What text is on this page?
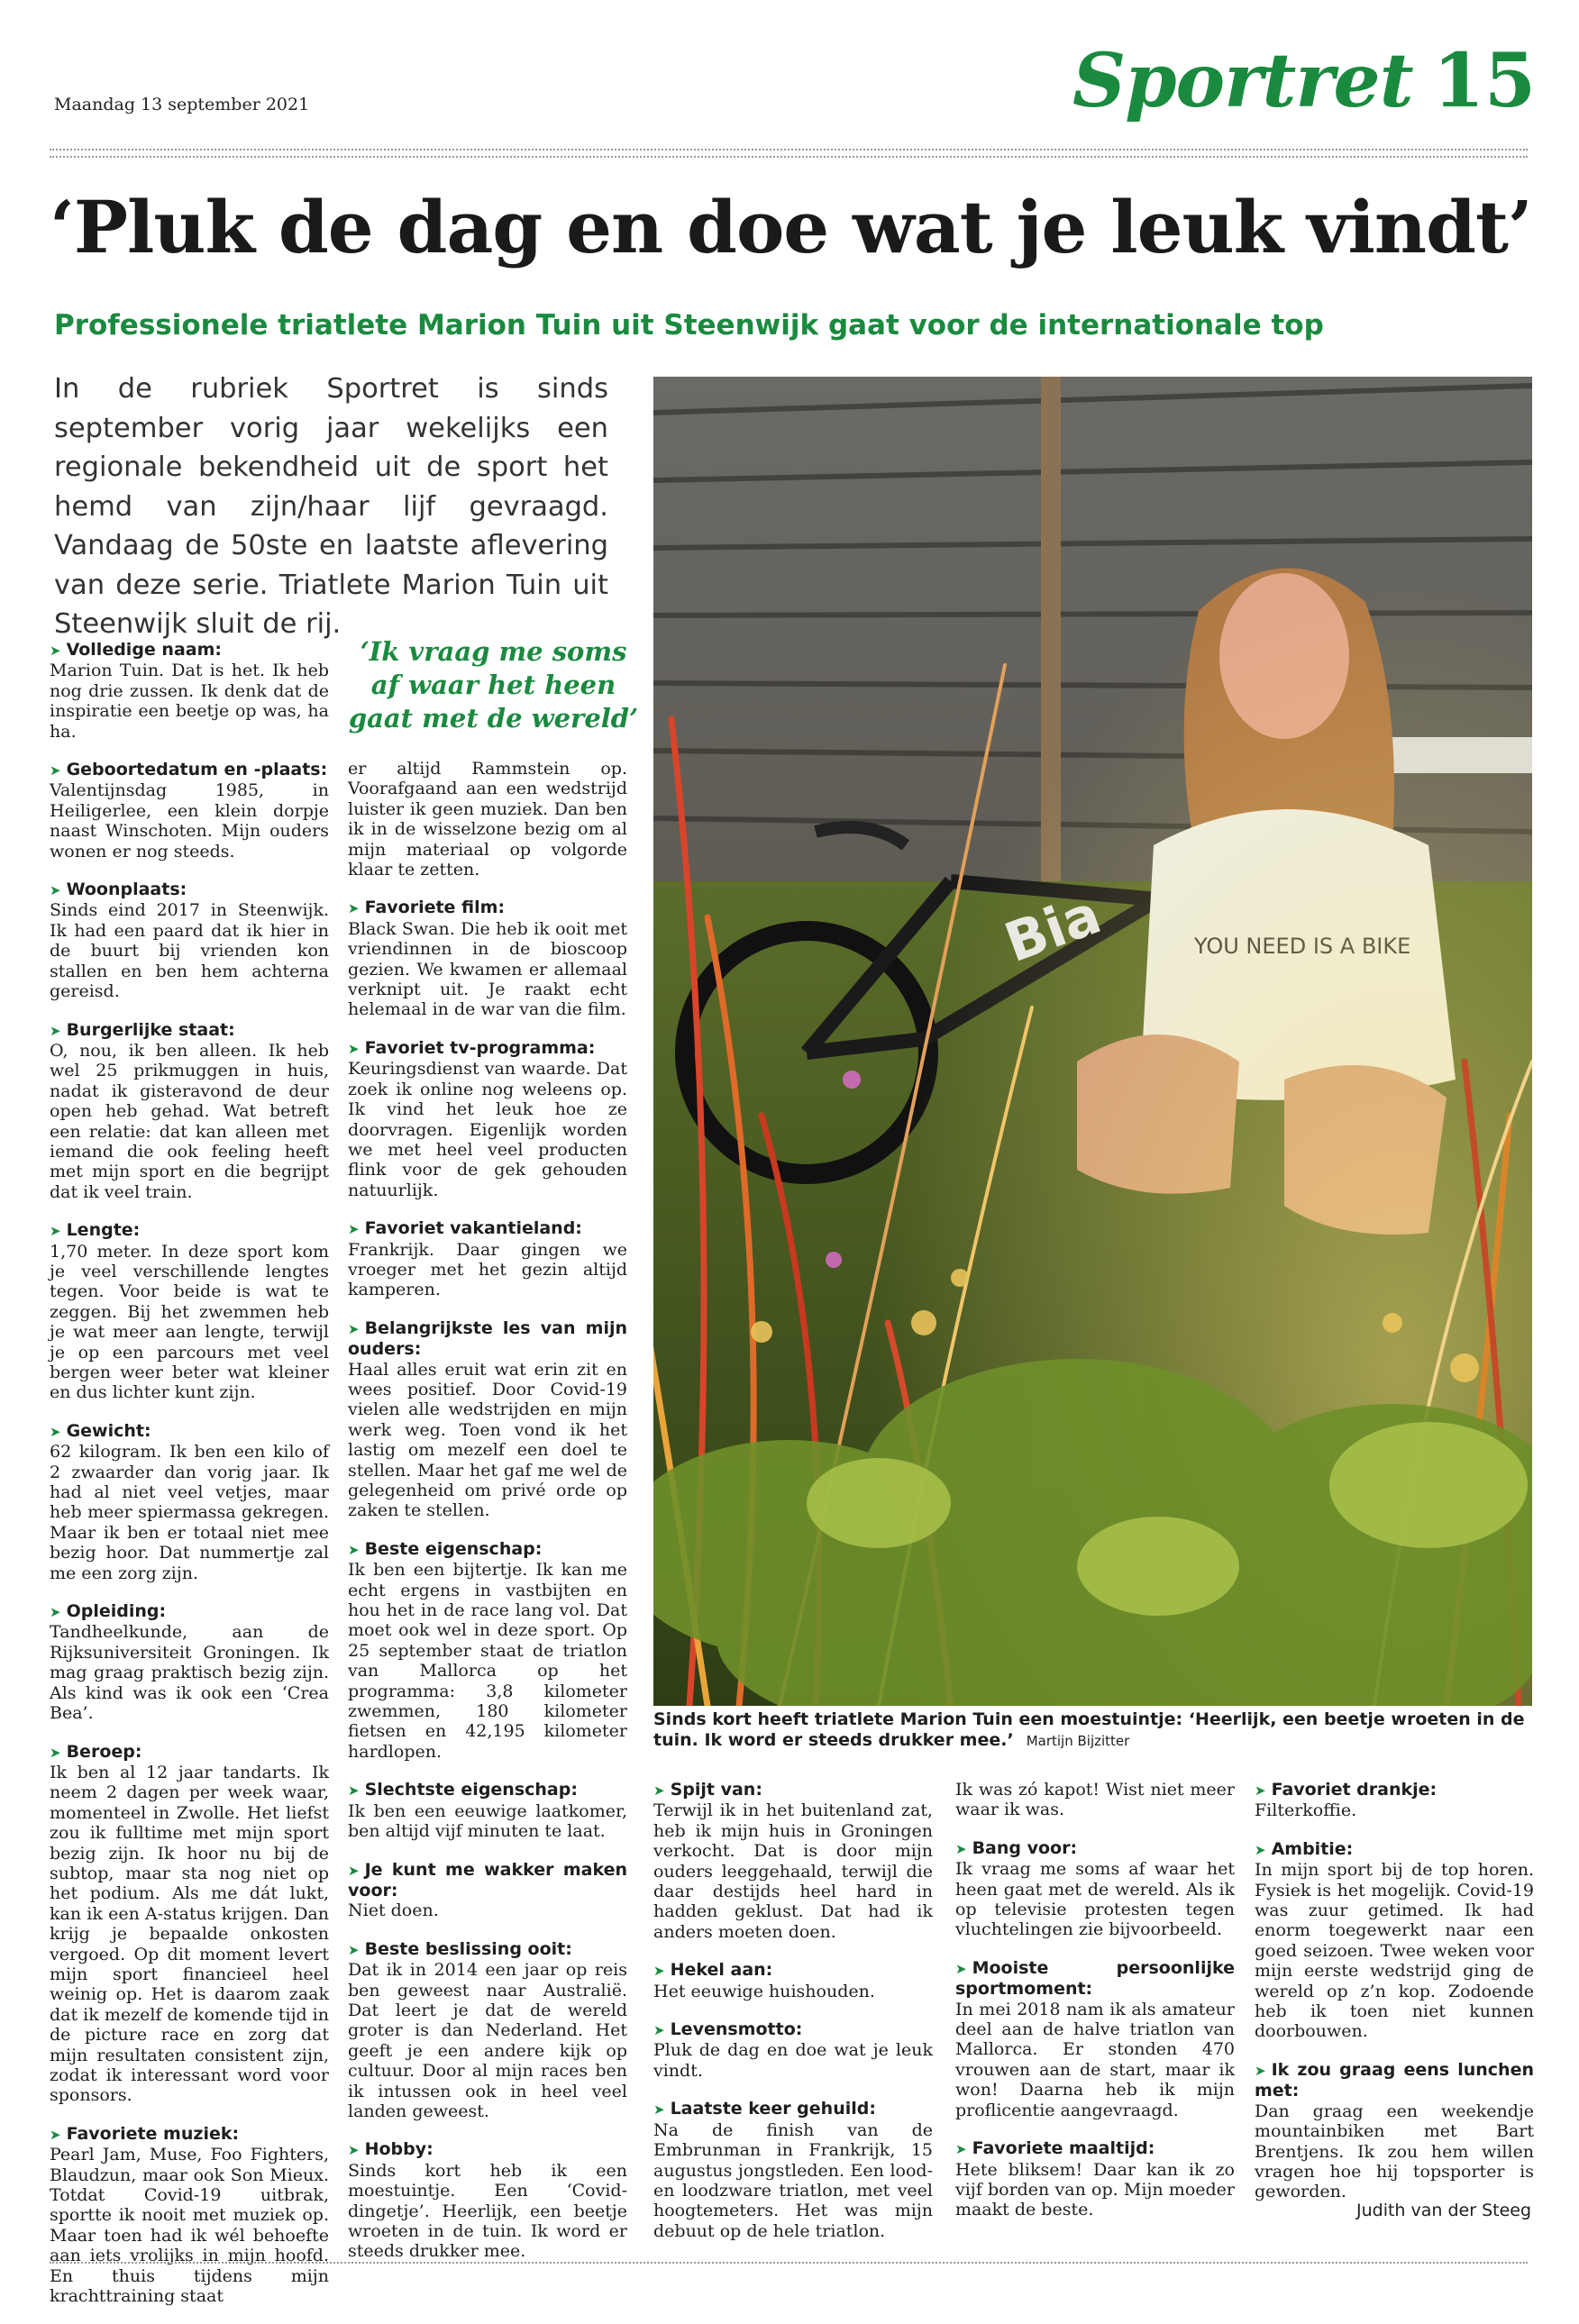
Maandag 13 september 2021	Sportret 15
‘Pluk de dag en doe wat je leuk vindt’
Professionele triatlete Marion Tuin uit Steenwijk gaat voor de internationale top
In de rubriek Sportret is sinds september vorig jaar wekelijks een regionale bekendheid uit de sport het hemd van zijn/haar lijf gevraagd. Vandaag de 50ste en laatste aflevering van deze serie. Triatlete Marion Tuin uit Steenwijk sluit de rij.

➤ Volledige naam:
Marion Tuin. Dat is het. Ik heb nog drie zussen. Ik denk dat de inspiratie een beetje op was, ha ha.

➤ Geboortedatum en -plaats:
Valentijnsdag 1985, in Heiligerlee, een klein dorpje naast Winschoten. Mijn ouders wonen er nog steeds.

➤ Woonplaats:
Sinds eind 2017 in Steenwijk. Ik had een paard dat ik hier in de buurt bij vrienden kon stallen en ben hem achterna gereisd.

➤ Burgerlijke staat:
O, nou, ik ben alleen. Ik heb wel 25 prikmuggen in huis, nadat ik gisteravond de deur open heb gehad. Wat betreft een relatie: dat kan alleen met iemand die ook feeling heeft met mijn sport en die begrijpt dat ik veel train.

➤ Lengte:
1,70 meter. In deze sport kom je veel verschillende lengtes tegen. Voor beide is wat te zeggen. Bij het zwemmen heb je wat meer aan lengte, terwijl je op een parcours met veel bergen weer beter wat kleiner en dus lichter kunt zijn.

➤ Gewicht:
62 kilogram. Ik ben een kilo of 2 zwaarder dan vorig jaar. Ik had al niet veel vetjes, maar heb meer spiermassa gekregen. Maar ik ben er totaal niet mee bezig hoor. Dat nummertje zal me een zorg zijn.

➤ Opleiding:
Tandheelkunde, aan de Rijksuniversiteit Groningen. Ik mag graag praktisch bezig zijn. Als kind was ik ook een ‘Crea Bea’.

➤ Beroep:
Ik ben al 12 jaar tandarts. Ik neem 2 dagen per week waar, momenteel in Zwolle. Het liefst zou ik fulltime met mijn sport bezig zijn. Ik hoor nu bij de subtop, maar sta nog niet op het podium. Als me dát lukt, kan ik een A-status krijgen. Dan krijg je bepaalde onkosten vergoed. Op dit moment levert mijn sport financieel heel weinig op. Het is daarom zaak dat ik mezelf de komende tijd in de picture race en zorg dat mijn resultaten consistent zijn, zodat ik interessant word voor sponsors.

➤ Favoriete muziek:
Pearl Jam, Muse, Foo Fighters, Blaudzun, maar ook Son Mieux. Totdat Covid-19 uitbrak, sportte ik nooit met muziek op. Maar toen had ik wél behoefte aan iets vrolijks in mijn hoofd. En thuis tijdens mijn krachttraining staat

‘Ik vraag me soms af waar het heen gaat met de wereld’

er altijd Rammstein op. Voorafgaand aan een wedstrijd luister ik geen muziek. Dan ben ik in de wisselzone bezig om al mijn materiaal op volgorde klaar te zetten.

➤ Favoriete film:
Black Swan. Die heb ik ooit met vriendinnen in de bioscoop gezien. We kwamen er allemaal verknipt uit. Je raakt echt helemaal in de war van die film.

➤ Favoriet tv-programma:
Keuringsdienst van waarde. Dat zoek ik online nog weleens op. Ik vind het leuk hoe ze doorvragen. Eigenlijk worden we met heel veel producten flink voor de gek gehouden natuurlijk.

➤ Favoriet vakantieland:
Frankrijk. Daar gingen we vroeger met het gezin altijd kamperen.

➤ Belangrijkste les van mijn ouders:
Haal alles eruit wat erin zit en wees positief. Door Covid-19 vielen alle wedstrijden en mijn werk weg. Toen vond ik het lastig om mezelf een doel te stellen. Maar het gaf me wel de gelegenheid om privé orde op zaken te stellen.

➤ Beste eigenschap:
Ik ben een bijtertje. Ik kan me echt ergens in vastbijten en hou het in de race lang vol. Dat moet ook wel in deze sport. Op 25 september staat de triatlon van Mallorca op het programma: 3,8 kilometer zwemmen, 180 kilometer fietsen en 42,195 kilometer hardlopen.

➤ Slechtste eigenschap:
Ik ben een eeuwige laatkomer, ben altijd vijf minuten te laat.

➤ Je kunt me wakker maken voor:
Niet doen.

➤ Beste beslissing ooit:
Dat ik in 2014 een jaar op reis ben geweest naar Australië. Dat leert je dat de wereld groter is dan Nederland. Het geeft je een andere kijk op cultuur. Door al mijn races ben ik intussen ook in heel veel landen geweest.

➤ Hobby:
Sinds kort heb ik een moestuintje. Een ‘Covid-dingetje’. Heerlijk, een beetje wroeten in de tuin. Ik word er steeds drukker mee.

Sinds kort heeft triatlete Marion Tuin een moestuintje: ‘Heerlijk, een beetje wroeten in de tuin. Ik word er steeds drukker mee.’ Martijn Bijzitter

➤ Spijt van:
Terwijl ik in het buitenland zat, heb ik mijn huis in Groningen verkocht. Dat is door mijn ouders leeggehaald, terwijl die daar destijds heel hard in hadden geklust. Dat had ik anders moeten doen.

➤ Hekel aan:
Het eeuwige huishouden.

➤ Levensmotto:
Pluk de dag en doe wat je leuk vindt.

➤ Laatste keer gehuild:
Na de finish van de Embrunman in Frankrijk, 15 augustus jongstleden. Een lood- en loodzware triatlon, met veel hoogtemeters. Het was mijn debuut op de hele triatlon.

Ik was zó kapot! Wist niet meer waar ik was.

➤ Bang voor:
Ik vraag me soms af waar het heen gaat met de wereld. Als ik op televisie protesten tegen vluchtelingen zie bijvoorbeeld.

➤ Mooiste persoonlijke sportmoment:
In mei 2018 nam ik als amateur deel aan de halve triatlon van Mallorca. Er stonden 470 vrouwen aan de start, maar ik won! Daarna heb ik mijn proflicentie aangevraagd.

➤ Favoriete maaltijd:
Hete bliksem! Daar kan ik zo vijf borden van op. Mijn moeder maakt de beste.

➤ Favoriet drankje:
Filterkoffie.

➤ Ambitie:
In mijn sport bij de top horen. Fysiek is het mogelijk. Covid-19 was zuur getimed. Ik had enorm toegewerkt naar een goed seizoen. Twee weken voor mijn eerste wedstrijd ging de wereld op z’n kop. Zodoende heb ik toen niet kunnen doorbouwen.

➤ Ik zou graag eens lunchen met:
Dan graag een weekendje mountainbiken met Bart Brentjens. Ik zou hem willen vragen hoe hij topsporter is geworden.

Judith van der Steeg
